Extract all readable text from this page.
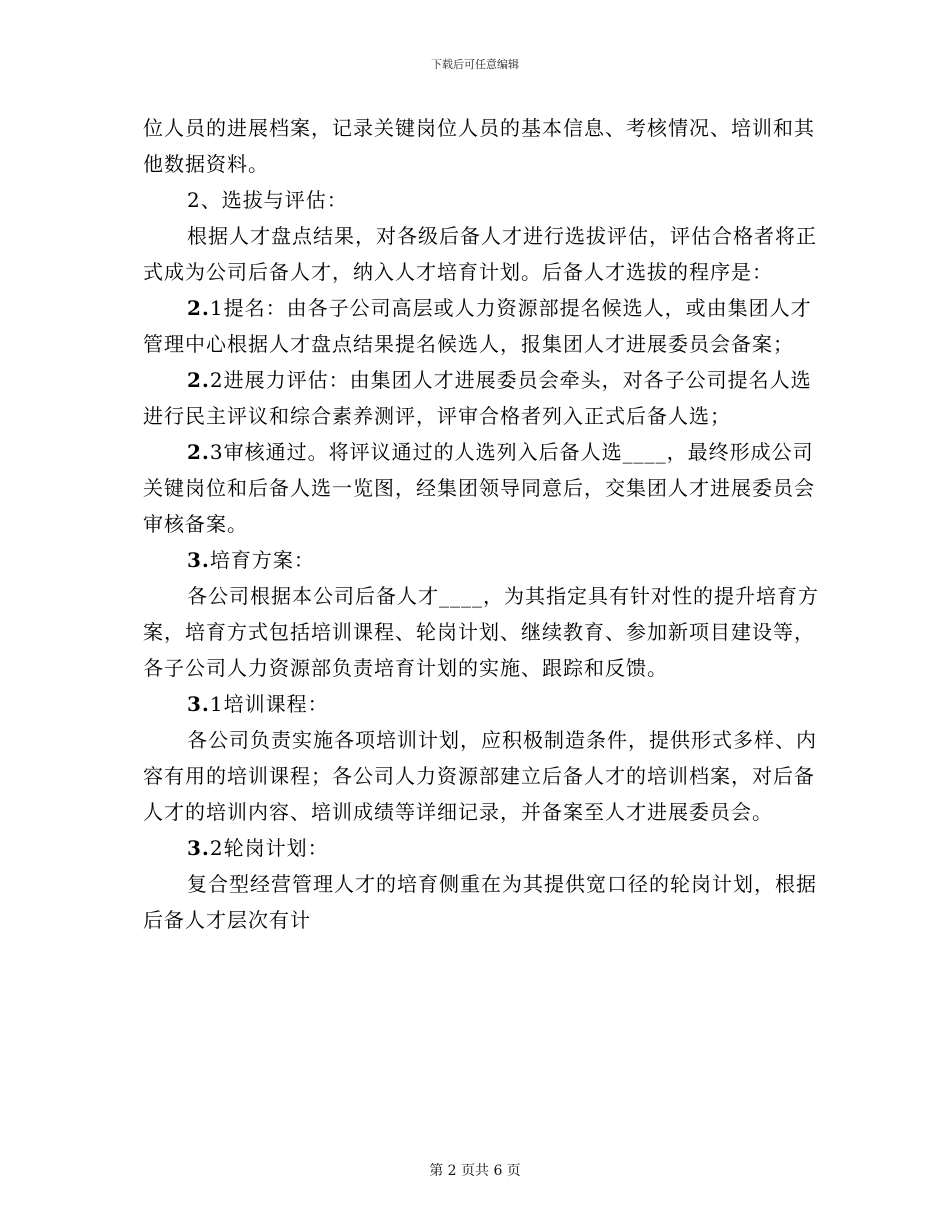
下载后可任意编辑

位人员的进展档案，记录关键岗位人员的基本信息、考核情况、培训和其他数据资料。

2、选拔与评估：

根据人才盘点结果，对各级后备人才进行选拔评估，评估合格者将正式成为公司后备人才，纳入人才培育计划。后备人才选拔的程序是：

2.1提名：由各子公司高层或人力资源部提名候选人，或由集团人才管理中心根据人才盘点结果提名候选人，报集团人才进展委员会备案；

2.2进展力评估：由集团人才进展委员会牵头，对各子公司提名人选进行民主评议和综合素养测评，评审合格者列入正式后备人选；

2.3审核通过。将评议通过的人选列入后备人选____，最终形成公司关键岗位和后备人选一览图，经集团领导同意后，交集团人才进展委员会审核备案。

3.培育方案：

各公司根据本公司后备人才____，为其指定具有针对性的提升培育方案，培育方式包括培训课程、轮岗计划、继续教育、参加新项目建设等，各子公司人力资源部负责培育计划的实施、跟踪和反馈。

3.1培训课程：

各公司负责实施各项培训计划，应积极制造条件，提供形式多样、内容有用的培训课程；各公司人力资源部建立后备人才的培训档案，对后备人才的培训内容、培训成绩等详细记录，并备案至人才进展委员会。

3.2轮岗计划：

复合型经营管理人才的培育侧重在为其提供宽口径的轮岗计划，根据后备人才层次有计

第 2 页共 6 页
